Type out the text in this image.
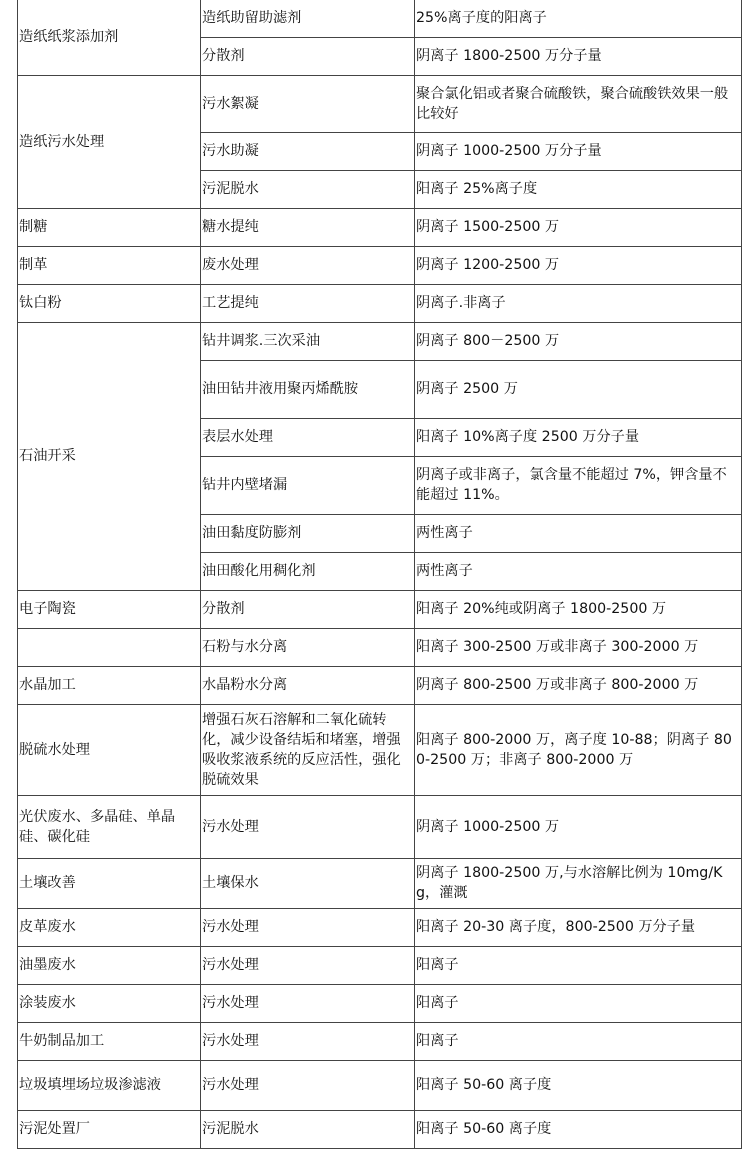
造纸纸浆添加剂	造纸助留助滤剂	25%离子度的阳离子
	分散剂	阴离子 1800-2500 万分子量
造纸污水处理	污水絮凝	聚合氯化铝或者聚合硫酸铁，聚合硫酸铁效果一般比较好
	污水助凝	阴离子 1000-2500 万分子量
	污泥脱水	阳离子 25%离子度
制糖	糖水提纯	阴离子 1500-2500 万
制革	废水处理	阴离子 1200-2500 万
钛白粉	工艺提纯	阴离子.非离子
石油开采	钻井调浆.三次采油	阴离子 800－2500 万
	油田钻井液用聚丙烯酰胺	阴离子 2500 万
	表层水处理	阳离子 10%离子度 2500 万分子量
	钻井内壁堵漏	阴离子或非离子，氯含量不能超过 7%，钾含量不能超过 11%。
	油田黏度防膨剂	两性离子
	油田酸化用稠化剂	两性离子
电子陶瓷	分散剂	阳离子 20%纯或阴离子 1800-2500 万
	石粉与水分离	阳离子 300-2500 万或非离子 300-2000 万
水晶加工	水晶粉水分离	阴离子 800-2500 万或非离子 800-2000 万
脱硫水处理	增强石灰石溶解和二氧化硫转化，减少设备结垢和堵塞，增强吸收浆液系统的反应活性，强化脱硫效果	阳离子 800-2000 万，离子度 10-88；阴离子 800-2500 万；非离子 800-2000 万
光伏废水、多晶硅、单晶硅、碳化硅	污水处理	阴离子 1000-2500 万
土壤改善	土壤保水	阴离子 1800-2500 万,与水溶解比例为 10mg/Kg，灌溉
皮革废水	污水处理	阳离子 20-30 离子度，800-2500 万分子量
油墨废水	污水处理	阳离子
涂装废水	污水处理	阳离子
牛奶制品加工	污水处理	阳离子
垃圾填埋场垃圾渗滤液	污水处理	阳离子 50-60 离子度
污泥处置厂	污泥脱水	阳离子 50-60 离子度
